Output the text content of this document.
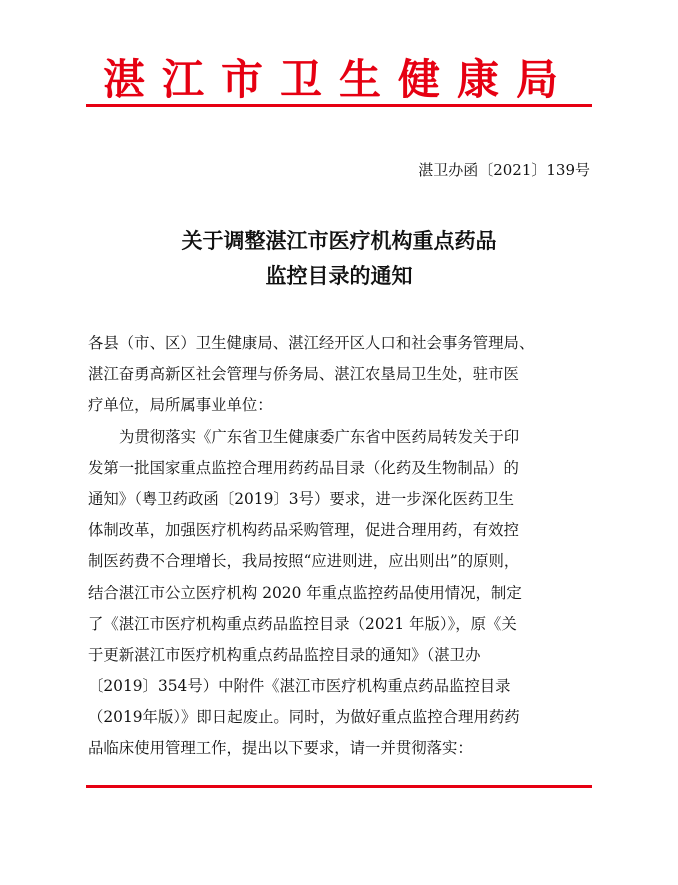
湛江市卫生健康局
湛卫办函〔2021〕139号
关于调整湛江市医疗机构重点药品
监控目录的通知
各县（市、区）卫生健康局、湛江经开区人口和社会事务管理局、
湛江奋勇高新区社会管理与侨务局、湛江农垦局卫生处，驻市医
疗单位，局所属事业单位：
为贯彻落实《广东省卫生健康委广东省中医药局转发关于印
发第一批国家重点监控合理用药药品目录（化药及生物制品）的
通知》（粤卫药政函〔2019〕3号）要求，进一步深化医药卫生
体制改革，加强医疗机构药品采购管理，促进合理用药，有效控
制医药费不合理增长，我局按照“应进则进，应出则出”的原则，
结合湛江市公立医疗机构 2020 年重点监控药品使用情况，制定
了《湛江市医疗机构重点药品监控目录（2021 年版）》，原《关
于更新湛江市医疗机构重点药品监控目录的通知》（湛卫办
〔2019〕354号）中附件《湛江市医疗机构重点药品监控目录
（2019年版）》即日起废止。同时，为做好重点监控合理用药药
品临床使用管理工作，提出以下要求，请一并贯彻落实：
